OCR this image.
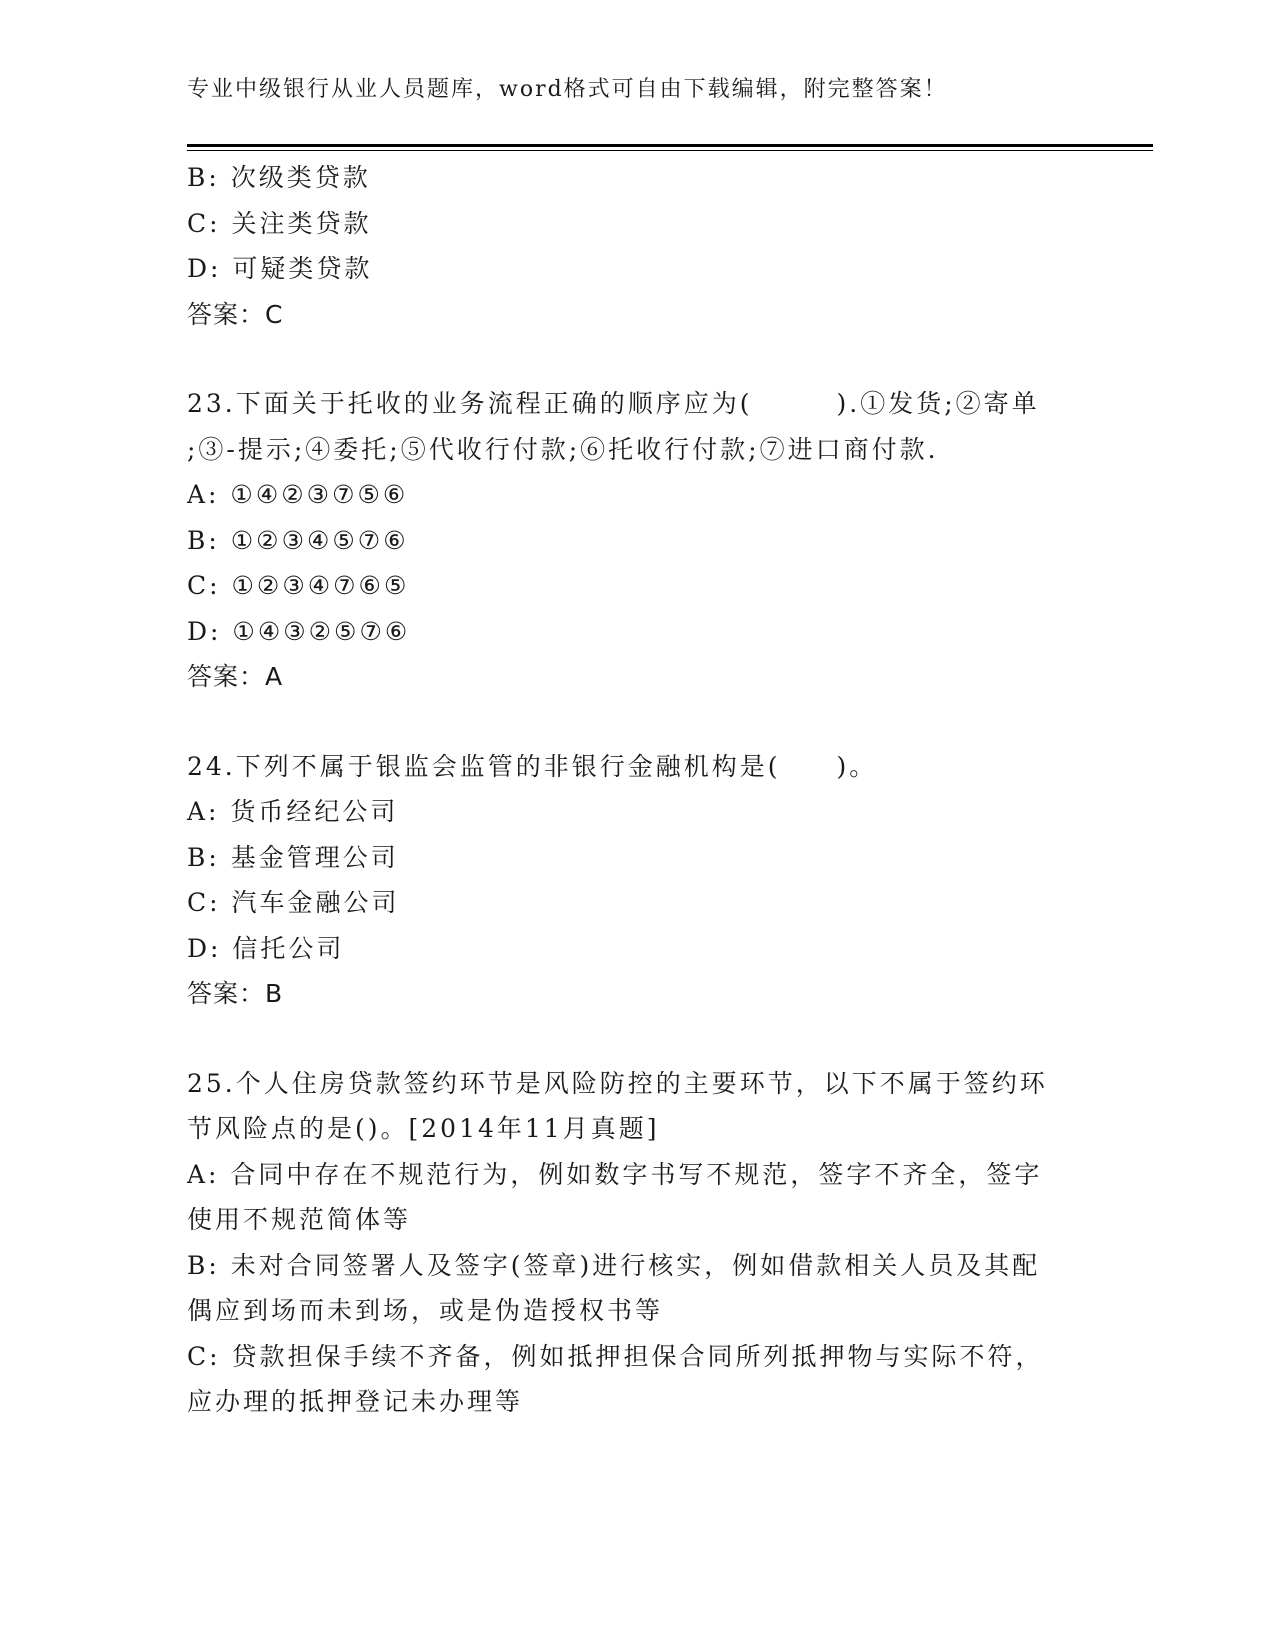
专业中级银行从业人员题库，word格式可自由下载编辑，附完整答案！
B: 次级类贷款
C: 关注类贷款
D: 可疑类贷款
答案：C
23.下面关于托收的业务流程正确的顺序应为(　　　).①发货;②寄单
;③-提示;④委托;⑤代收行付款;⑥托收行付款;⑦进口商付款.
A: ①④②③⑦⑤⑥
B: ①②③④⑤⑦⑥
C: ①②③④⑦⑥⑤
D: ①④③②⑤⑦⑥
答案：A
24.下列不属于银监会监管的非银行金融机构是(　　)。
A: 货币经纪公司
B: 基金管理公司
C: 汽车金融公司
D: 信托公司
答案：B
25.个人住房贷款签约环节是风险防控的主要环节，以下不属于签约环
节风险点的是()。[2014年11月真题]
A: 合同中存在不规范行为，例如数字书写不规范，签字不齐全，签字
使用不规范简体等
B: 未对合同签署人及签字(签章)进行核实，例如借款相关人员及其配
偶应到场而未到场，或是伪造授权书等
C: 贷款担保手续不齐备，例如抵押担保合同所列抵押物与实际不符，
应办理的抵押登记未办理等
